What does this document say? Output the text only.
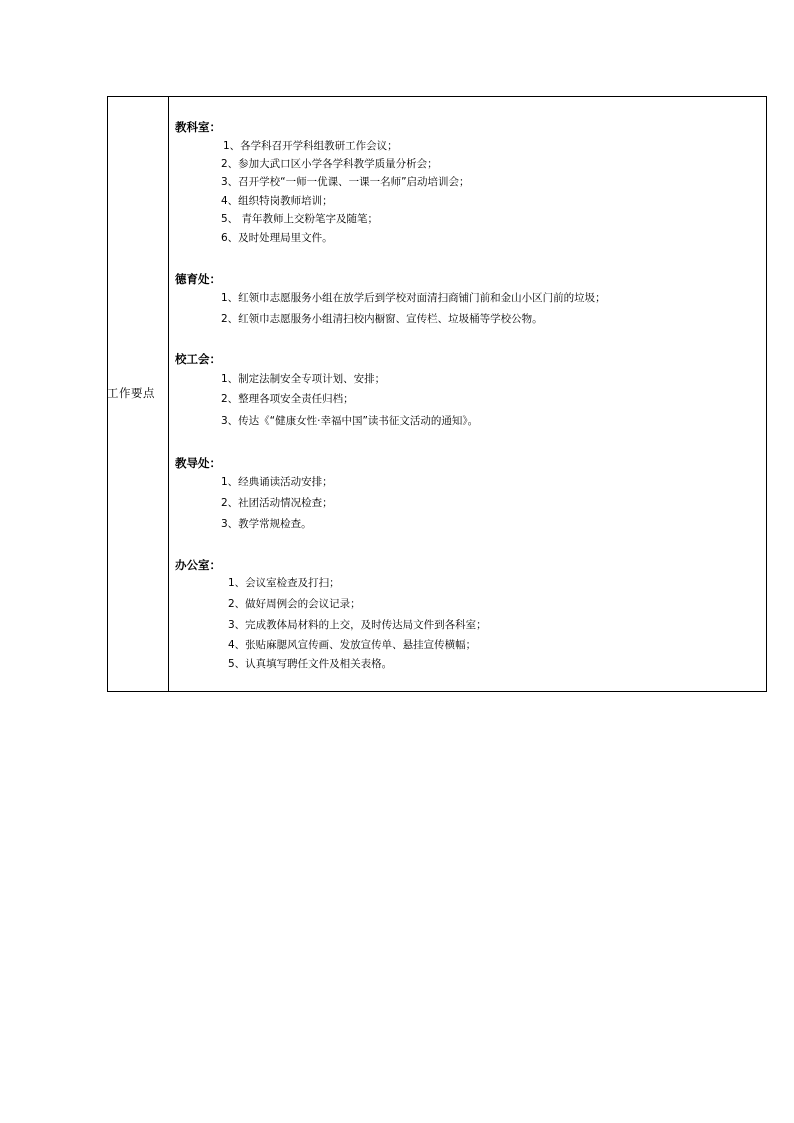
工作要点
教科室：
1、各学科召开学科组教研工作会议；
2、参加大武口区小学各学科教学质量分析会；
3、召开学校“一师一优课、一课一名师”启动培训会；
4、组织特岗教师培训；
5、 青年教师上交粉笔字及随笔；
6、及时处理局里文件。
德育处：
1、红领巾志愿服务小组在放学后到学校对面清扫商铺门前和金山小区门前的垃圾；
2、红领巾志愿服务小组清扫校内橱窗、宣传栏、垃圾桶等学校公物。
校工会：
1、制定法制安全专项计划、安排；
2、整理各项安全责任归档；
3、传达《“健康女性·幸福中国”读书征文活动的通知》。
教导处：
1、经典诵读活动安排；
2、社团活动情况检查；
3、教学常规检查。
办公室：
1、会议室检查及打扫；
2、做好周例会的会议记录；
3、完成教体局材料的上交，及时传达局文件到各科室；
4、张贴麻腮风宣传画、发放宣传单、悬挂宣传横幅；
5、认真填写聘任文件及相关表格。
